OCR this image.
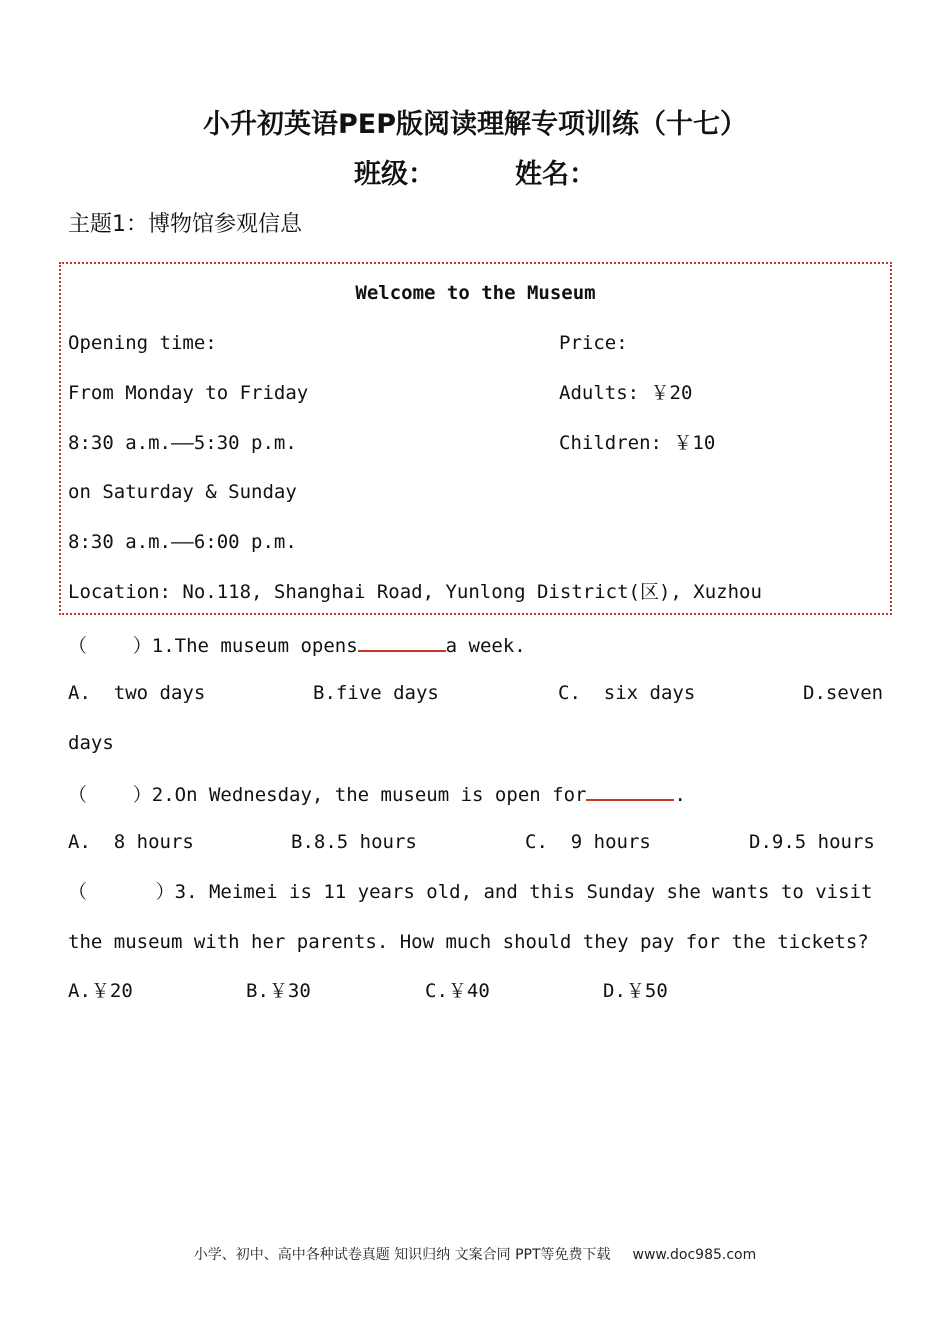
小升初英语PEP版阅读理解专项训练（十七）
班级：	姓名：
主题1：博物馆参观信息
Welcome to the Museum
Opening time:	Price:
From Monday to Friday	Adults: ￥20
8:30 a.m.——5:30 p.m.	Children: ￥10
on Saturday & Sunday
8:30 a.m.——6:00 p.m.
Location: No.118, Shanghai Road, Yunlong District(区), Xuzhou
（    ）1.The museum opens	a week.
A.  two days	B.five days	C.  six days	D.seven
days
（    ）2.On Wednesday, the museum is open for	.
A.  8 hours	B.8.5 hours	C.  9 hours	D.9.5 hours
（      ）3. Meimei is 11 years old, and this Sunday she wants to visit
the museum with her parents. How much should they pay for the tickets?
A.￥20	B.￥30	C.￥40	D.￥50
小学、初中、高中各种试卷真题 知识归纳 文案合同 PPT等免费下载 www.doc985.com
